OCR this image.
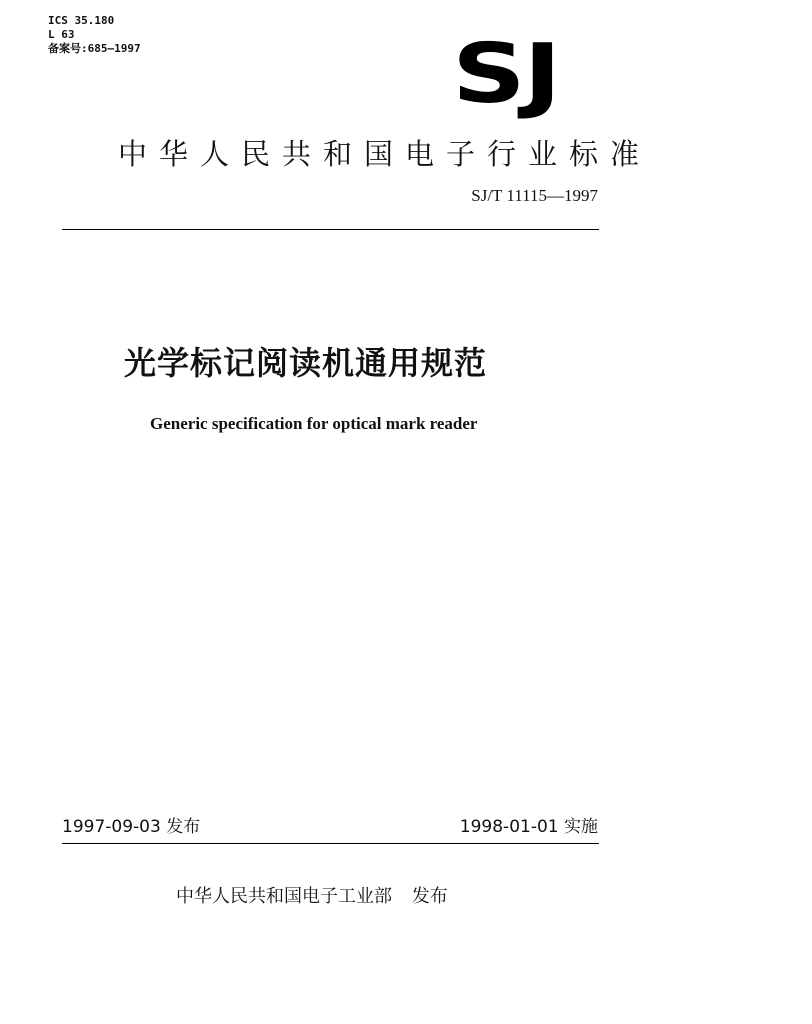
ICS 35.180
L 63
备案号:685—1997	SJ
中华人民共和国电子行业标准
SJ/T 11115—1997
光学标记阅读机通用规范
Generic specification for optical mark reader
1997-09-03 发布	1998-01-01 实施
中华人民共和国电子工业部 发布
